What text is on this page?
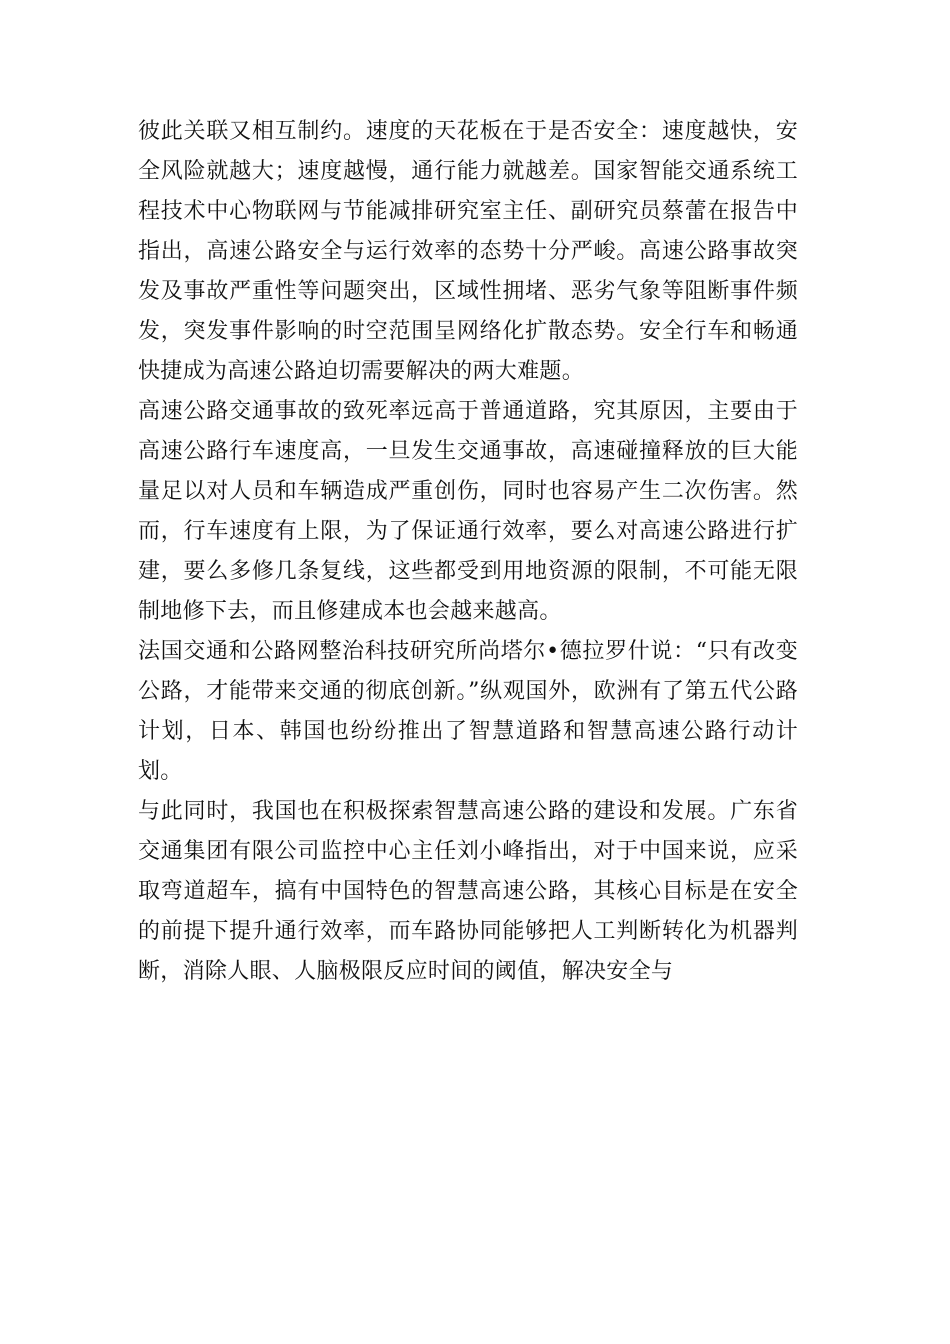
彼此关联又相互制约。速度的天花板在于是否安全：速度越快，安全风险就越大；速度越慢，通行能力就越差。国家智能交通系统工程技术中心物联网与节能减排研究室主任、副研究员蔡蕾在报告中指出，高速公路安全与运行效率的态势十分严峻。高速公路事故突发及事故严重性等问题突出，区域性拥堵、恶劣气象等阻断事件频发，突发事件影响的时空范围呈网络化扩散态势。安全行车和畅通快捷成为高速公路迫切需要解决的两大难题。

高速公路交通事故的致死率远高于普通道路，究其原因，主要由于高速公路行车速度高，一旦发生交通事故，高速碰撞释放的巨大能量足以对人员和车辆造成严重创伤，同时也容易产生二次伤害。然而，行车速度有上限，为了保证通行效率，要么对高速公路进行扩建，要么多修几条复线，这些都受到用地资源的限制，不可能无限制地修下去，而且修建成本也会越来越高。

法国交通和公路网整治科技研究所尚塔尔•德拉罗什说：“只有改变公路，才能带来交通的彻底创新。”纵观国外，欧洲有了第五代公路计划，日本、韩国也纷纷推出了智慧道路和智慧高速公路行动计划。

与此同时，我国也在积极探索智慧高速公路的建设和发展。广东省交通集团有限公司监控中心主任刘小峰指出，对于中国来说，应采取弯道超车，搞有中国特色的智慧高速公路，其核心目标是在安全的前提下提升通行效率，而车路协同能够把人工判断转化为机器判断，消除人眼、人脑极限反应时间的阈值，解决安全与
